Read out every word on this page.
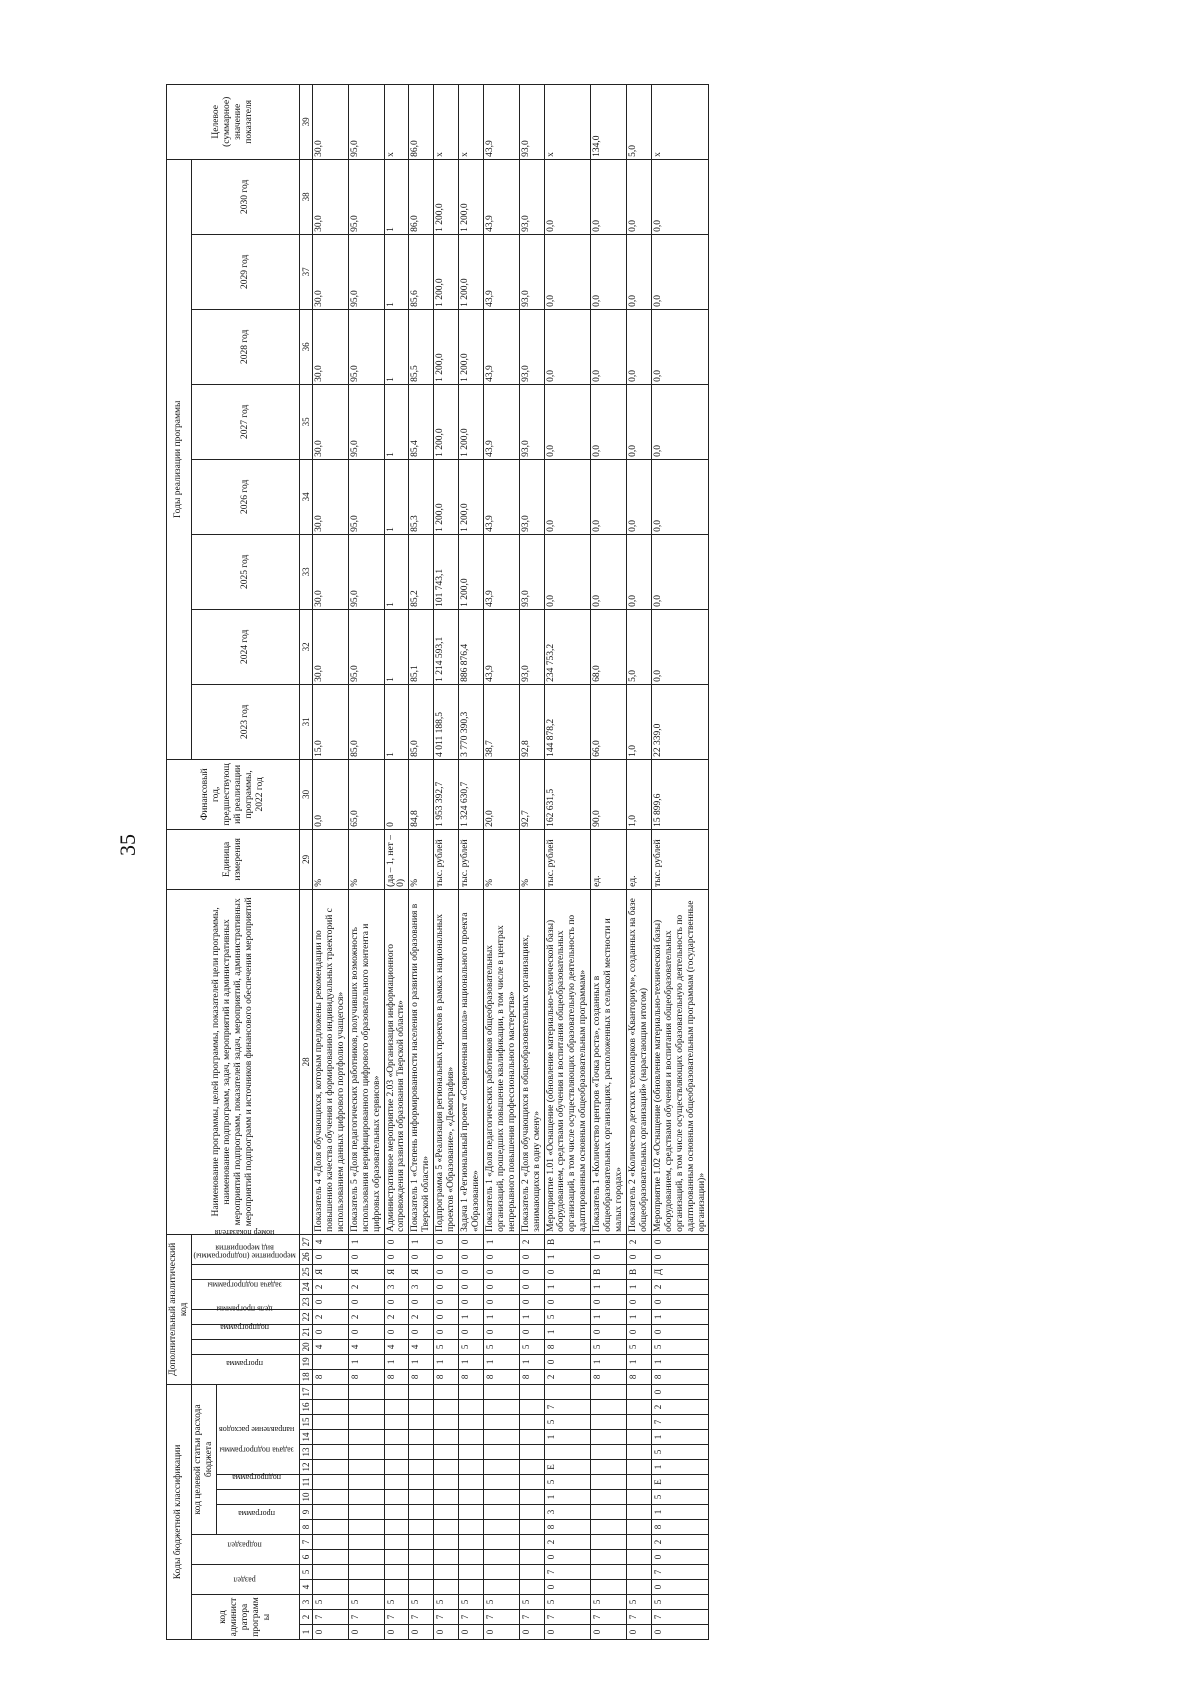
35
Коды бюджетной классификации																	Дополнительный аналитический код										Наименование программы, целей программы, показателей цели программы, наименование подпрограмм, задач, мероприятий и административных мероприятий подпрограмм, показателей задач, мероприятий, административных мероприятий подпрограмм и источников финансового обеспечения мероприятий	Единица измерения	Финансовый год, предшествующий реализации программы, 2022 год	Годы реализации программы								Целевое (суммарное) значение показателя
код администратора программы			раздел		подраздел		код целевой статьи расхода бюджета										программа		подпрограмма	цель программы	задача подпрограммы	мероприятие (подпрограммы)		вид мероприятия	номер показателя					2023 год	2024 год	2025 год	2026 год	2027 год	2028 год	2029 год	2030 год	
							программа		подпрограмма	задача подпрограммы	направление расходов																											
1	2	3	4	5	6	7	8	9	10	11	12	13	14	15	16	17	18	19	20	21	22	23	24	25	26	27	28	29	30	31	32	33	34	35	36	37	38	39
0	7	5															8		4	0	2	0	2	Я	0	4	Показатель 4 «Доля обучающихся, которым предложены рекомендации по повышению качества обучения и формированию индивидуальных траекторий с использованием данных цифрового портфолио учащегося»	%	0,0	15,0	30,0	30,0	30,0	30,0	30,0	30,0	30,0	30,0
0	7	5															8	1	4	0	2	0	2	Я	0	1	Показатель 5 «Доля педагогических работников, получивших возможность использования верифицированного цифрового образовательного контента и цифровых образовательных сервисов»	%	65,0	85,0	95,0	95,0	95,0	95,0	95,0	95,0	95,0	95,0
0	7	5															8	1	4	0	2	0	3	Я	0	0	Административное мероприятие 2.03 «Организация информационного сопровождения развития образования Тверской области»	(да – 1, нет – 0)	0	1	1	1	1	1	1	1	1	х
0	7	5															8	1	4	0	2	0	3	Я	0	1	Показатель 1 «Степень информированности населения о развитии образования в Тверской области»	%	84,8	85,0	85,1	85,2	85,3	85,4	85,5	85,6	86,0	86,0
0	7	5															8	1	5	0	0	0	0	0	0	0	Подпрограмма 5 «Реализация региональных проектов в рамках национальных проектов «Образование», «Демография»	тыс. рублей	1 953 392,7	4 011 188,5	1 214 593,1	101 743,1	1 200,0	1 200,0	1 200,0	1 200,0	1 200,0	х
0	7	5															8	1	5	0	1	0	0	0	0	0	Задача 1 «Региональный проект «Современная школа» национального проекта «Образование»	тыс. рублей	1 324 630,7	3 770 390,3	886 876,4	1 200,0	1 200,0	1 200,0	1 200,0	1 200,0	1 200,0	х
0	7	5															8	1	5	0	1	0	0	0	0	1	Показатель 1 «Доля педагогических работников общеобразовательных организаций, прошедших повышение квалификации, в том числе в центрах непрерывного повышения профессионального мастерства»	%	20,0	38,7	43,9	43,9	43,9	43,9	43,9	43,9	43,9	43,9
0	7	5															8	1	5	0	1	0	0	0	0	2	Показатель 2 «Доля обучающихся в общеобразовательных организациях, занимающихся в одну смену»	%	92,7	92,8	93,0	93,0	93,0	93,0	93,0	93,0	93,0	93,0
0	7	5	0	7	0	2	8	3	1	5	Е		1	5	7		2	0	8	1	5	0	1	0	1	В	Мероприятие 1.01 «Оснащение (обновление материально-технической базы) оборудованием, средствами обучения и воспитания общеобразовательных организаций, в том числе осуществляющих образовательную деятельность по адаптированным основным общеобразовательным программам»	тыс. рублей	162 631,5	144 878,2	234 753,2	0,0	0,0	0,0	0,0	0,0	0,0	х
0	7	5															8	1	5	0	1	0	1	В	0	1	Показатель 1 «Количество центров «Точка роста», созданных в общеобразовательных организациях, расположенных в сельской местности и малых городах»	ед.	90,0	66,0	68,0	0,0	0,0	0,0	0,0	0,0	0,0	134,0
0	7	5															8	1	5	0	1	0	1	В	0	2	Показатель 2 «Количество детских технопарков «Кванториум», созданных на базе общеобразовательных организаций» (нарастающим итогом)	ед.	1,0	1,0	5,0	0,0	0,0	0,0	0,0	0,0	0,0	5,0
0	7	5	0	7	0	2	8	1	5	Е	1	5	1	7	2	0	8	1	5	0	1	0	2	Д	0	0	Мероприятие 1.02 «Оснащение (обновление материально-технической базы) оборудованием, средствами обучения и воспитания общеобразовательных организаций, в том числе осуществляющих образовательную деятельность по адаптированным основным общеобразовательным программам (государственные организации)»	тыс. рублей	15 899,6	22 339,0	0,0	0,0	0,0	0,0	0,0	0,0	0,0	х
